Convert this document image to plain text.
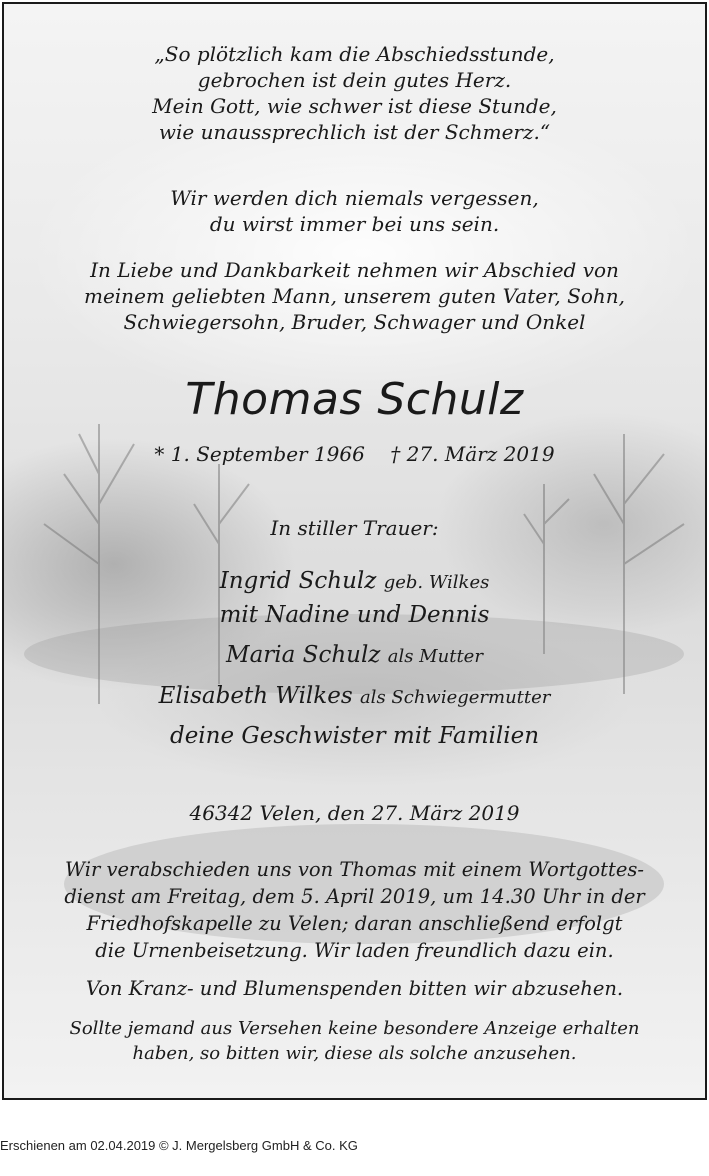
„So plötzlich kam die Abschiedsstunde,
gebrochen ist dein gutes Herz.
Mein Gott, wie schwer ist diese Stunde,
wie unaussprechlich ist der Schmerz.“
Wir werden dich niemals vergessen,
du wirst immer bei uns sein.
In Liebe und Dankbarkeit nehmen wir Abschied von
meinem geliebten Mann, unserem guten Vater, Sohn,
Schwiegersohn, Bruder, Schwager und Onkel
Thomas Schulz
* 1. September 1966    † 27. März 2019
In stiller Trauer:
Ingrid Schulz geb. Wilkes
mit Nadine und Dennis
Maria Schulz als Mutter
Elisabeth Wilkes als Schwiegermutter
deine Geschwister mit Familien
46342 Velen, den 27. März 2019
Wir verabschieden uns von Thomas mit einem Wortgottes-
dienst am Freitag, dem 5. April 2019, um 14.30 Uhr in der
Friedhofskapelle zu Velen; daran anschließend erfolgt
die Urnenbeisetzung. Wir laden freundlich dazu ein.
Von Kranz- und Blumenspenden bitten wir abzusehen.
Sollte jemand aus Versehen keine besondere Anzeige erhalten
haben, so bitten wir, diese als solche anzusehen.
Erschienen am 02.04.2019 © J. Mergelsberg GmbH & Co. KG
